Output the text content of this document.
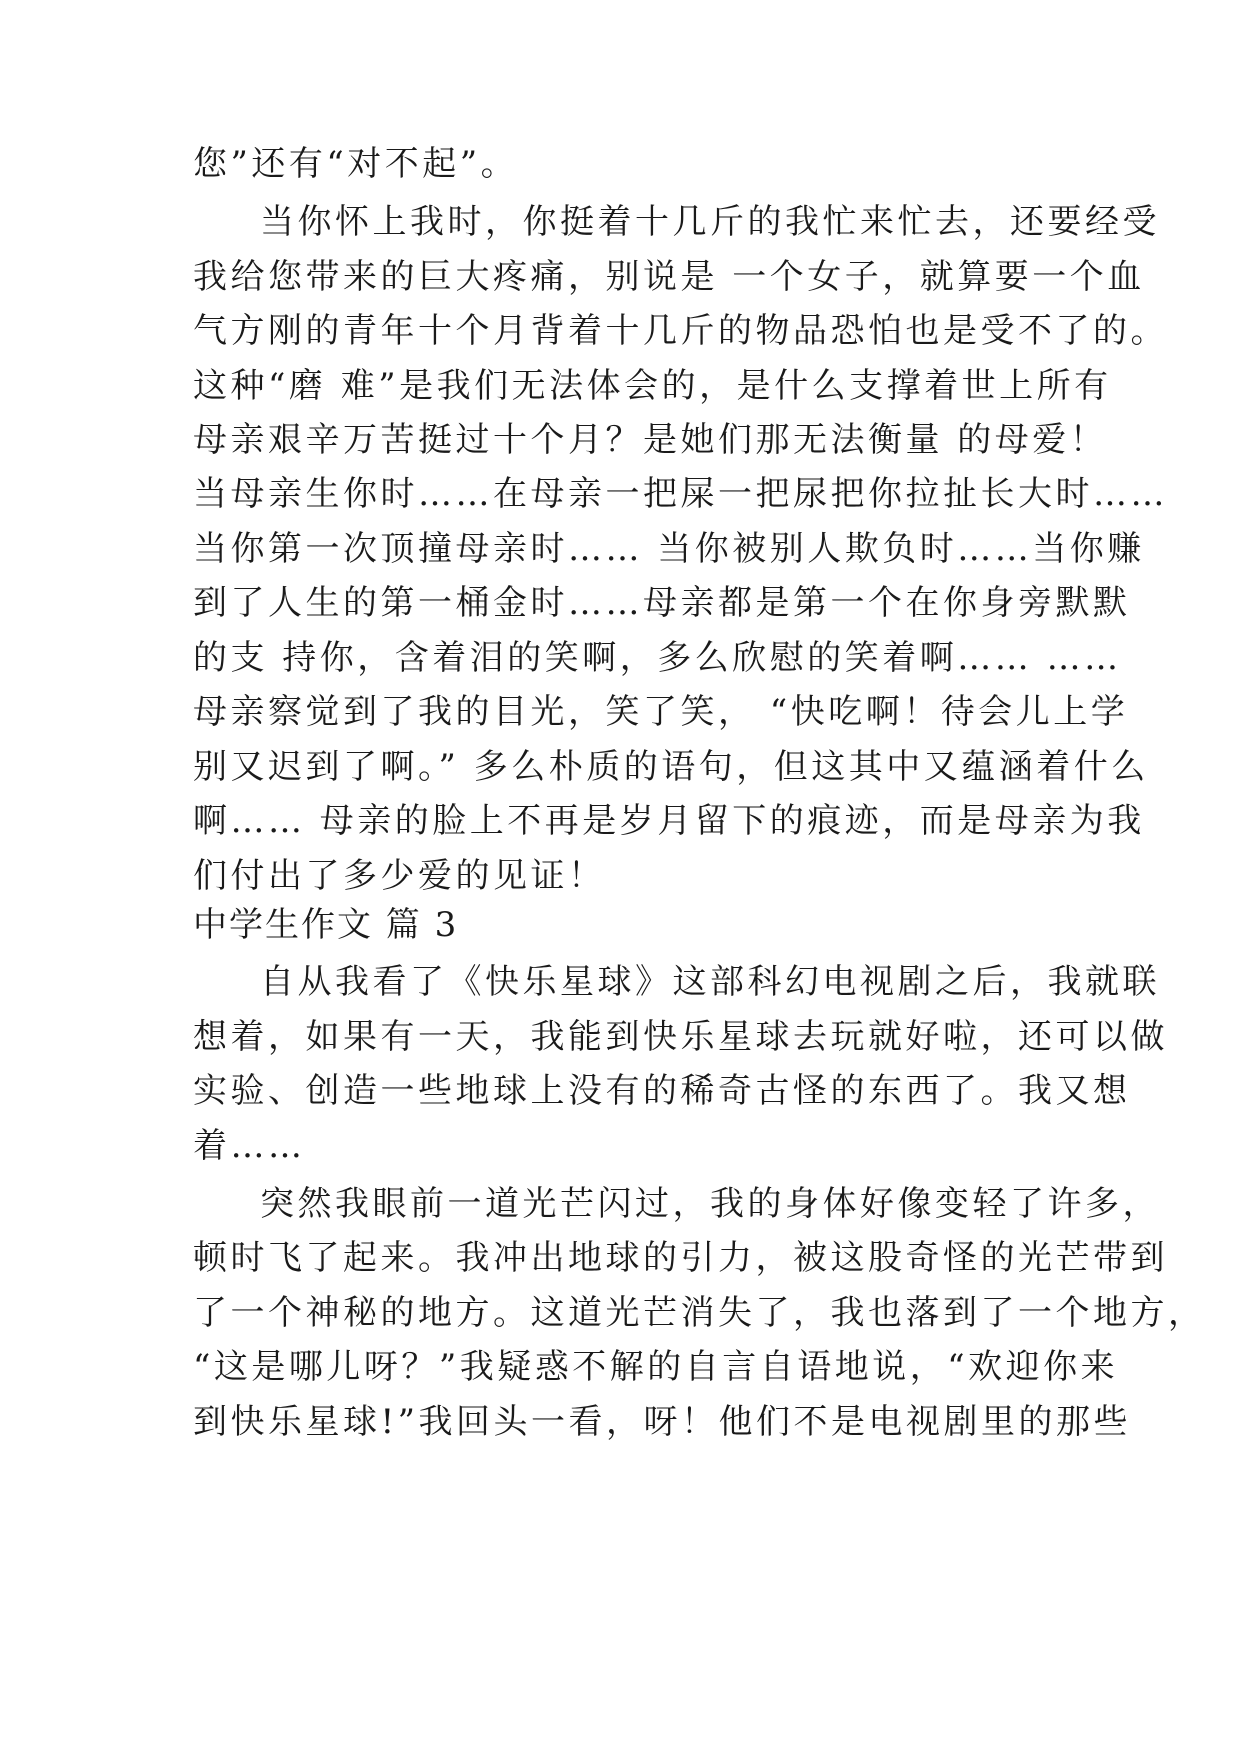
您”还有“对不起”。
当你怀上我时，你挺着十几斤的我忙来忙去，还要经受
我给您带来的巨大疼痛，别说是 一个女子，就算要一个血
气方刚的青年十个月背着十几斤的物品恐怕也是受不了的。
这种“磨 难”是我们无法体会的，是什么支撑着世上所有
母亲艰辛万苦挺过十个月？是她们那无法衡量 的母爱！
当母亲生你时……在母亲一把屎一把尿把你拉扯长大时……
当你第一次顶撞母亲时…… 当你被别人欺负时……当你赚
到了人生的第一桶金时……母亲都是第一个在你身旁默默
的支 持你，含着泪的笑啊，多么欣慰的笑着啊…… ……
母亲察觉到了我的目光，笑了笑， “快吃啊！待会儿上学
别又迟到了啊。” 多么朴质的语句，但这其中又蕴涵着什么
啊…… 母亲的脸上不再是岁月留下的痕迹，而是母亲为我
们付出了多少爱的见证！
中学生作文 篇 3
自从我看了《快乐星球》这部科幻电视剧之后，我就联
想着，如果有一天，我能到快乐星球去玩就好啦，还可以做
实验、创造一些地球上没有的稀奇古怪的东西了。我又想
着……
突然我眼前一道光芒闪过，我的身体好像变轻了许多，
顿时飞了起来。我冲出地球的引力，被这股奇怪的光芒带到
了一个神秘的地方。这道光芒消失了，我也落到了一个地方，
“这是哪儿呀？”我疑惑不解的自言自语地说，“欢迎你来
到快乐星球!”我回头一看，呀！他们不是电视剧里的那些
